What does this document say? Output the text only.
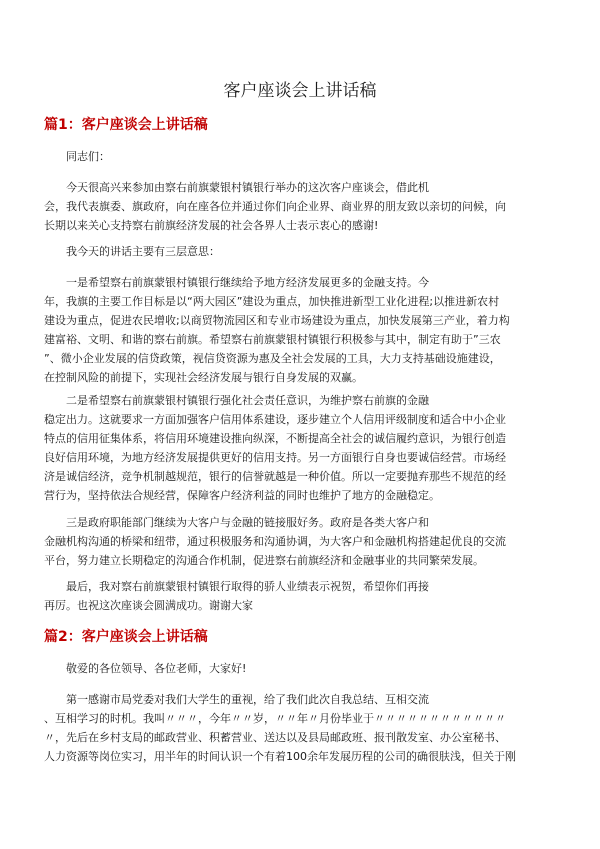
客户座谈会上讲话稿
篇1：客户座谈会上讲话稿

同志们：

今天很高兴来参加由察右前旗蒙银村镇银行举办的这次客户座谈会，借此机
会，我代表旗委、旗政府，向在座各位并通过你们向企业界、商业界的朋友致以亲切的问候，向
长期以来关心支持察右前旗经济发展的社会各界人士表示衷心的感谢!

我今天的讲话主要有三层意思：

一是希望察右前旗蒙银村镇银行继续给予地方经济发展更多的金融支持。今
年，我旗的主要工作目标是以“两大园区”建设为重点，加快推进新型工业化进程;以推进新农村
建设为重点，促进农民增收;以商贸物流园区和专业市场建设为重点，加快发展第三产业，着力构
建富裕、文明、和谐的察右前旗。希望察右前旗蒙银村镇银行积极参与其中，制定有助于”三农
”、微小企业发展的信贷政策，视信贷资源为惠及全社会发展的工具，大力支持基础设施建设，
在控制风险的前提下，实现社会经济发展与银行自身发展的双赢。

二是希望察右前旗蒙银村镇银行强化社会责任意识，为维护察右前旗的金融
稳定出力。这就要求一方面加强客户信用体系建设，逐步建立个人信用评级制度和适合中小企业
特点的信用征集体系，将信用环境建设推向纵深，不断提高全社会的诚信履约意识，为银行创造
良好信用环境，为地方经济发展提供更好的信用支持。另一方面银行自身也要诚信经营。市场经
济是诚信经济，竞争机制越规范，银行的信誉就越是一种价值。所以一定要抛弃那些不规范的经
营行为，坚持依法合规经营，保障客户经济利益的同时也维护了地方的金融稳定。

三是政府职能部门继续为大客户与金融的链接服好务。政府是各类大客户和
金融机构沟通的桥梁和纽带，通过积极服务和沟通协调，为大客户和金融机构搭建起优良的交流
平台，努力建立长期稳定的沟通合作机制，促进察右前旗经济和金融事业的共同繁荣发展。

最后，我对察右前旗蒙银村镇银行取得的骄人业绩表示祝贺，希望你们再接
再厉。也祝这次座谈会圆满成功。谢谢大家

篇2：客户座谈会上讲话稿

敬爱的各位领导、各位老师，大家好!

第一感谢市局党委对我们大学生的重视，给了我们此次自我总结、互相交流
、互相学习的时机。我叫〃〃〃，今年〃〃岁，〃〃年〃月份毕业于〃〃〃〃〃〃〃〃〃〃〃〃
〃，先后在乡村支局的邮政营业、积蓄营业、送达以及县局邮政班、报刊散发室、办公室秘书、
人力资源等岗位实习，用半年的时间认识一个有着100余年发展历程的公司的确很肤浅，但关于刚
